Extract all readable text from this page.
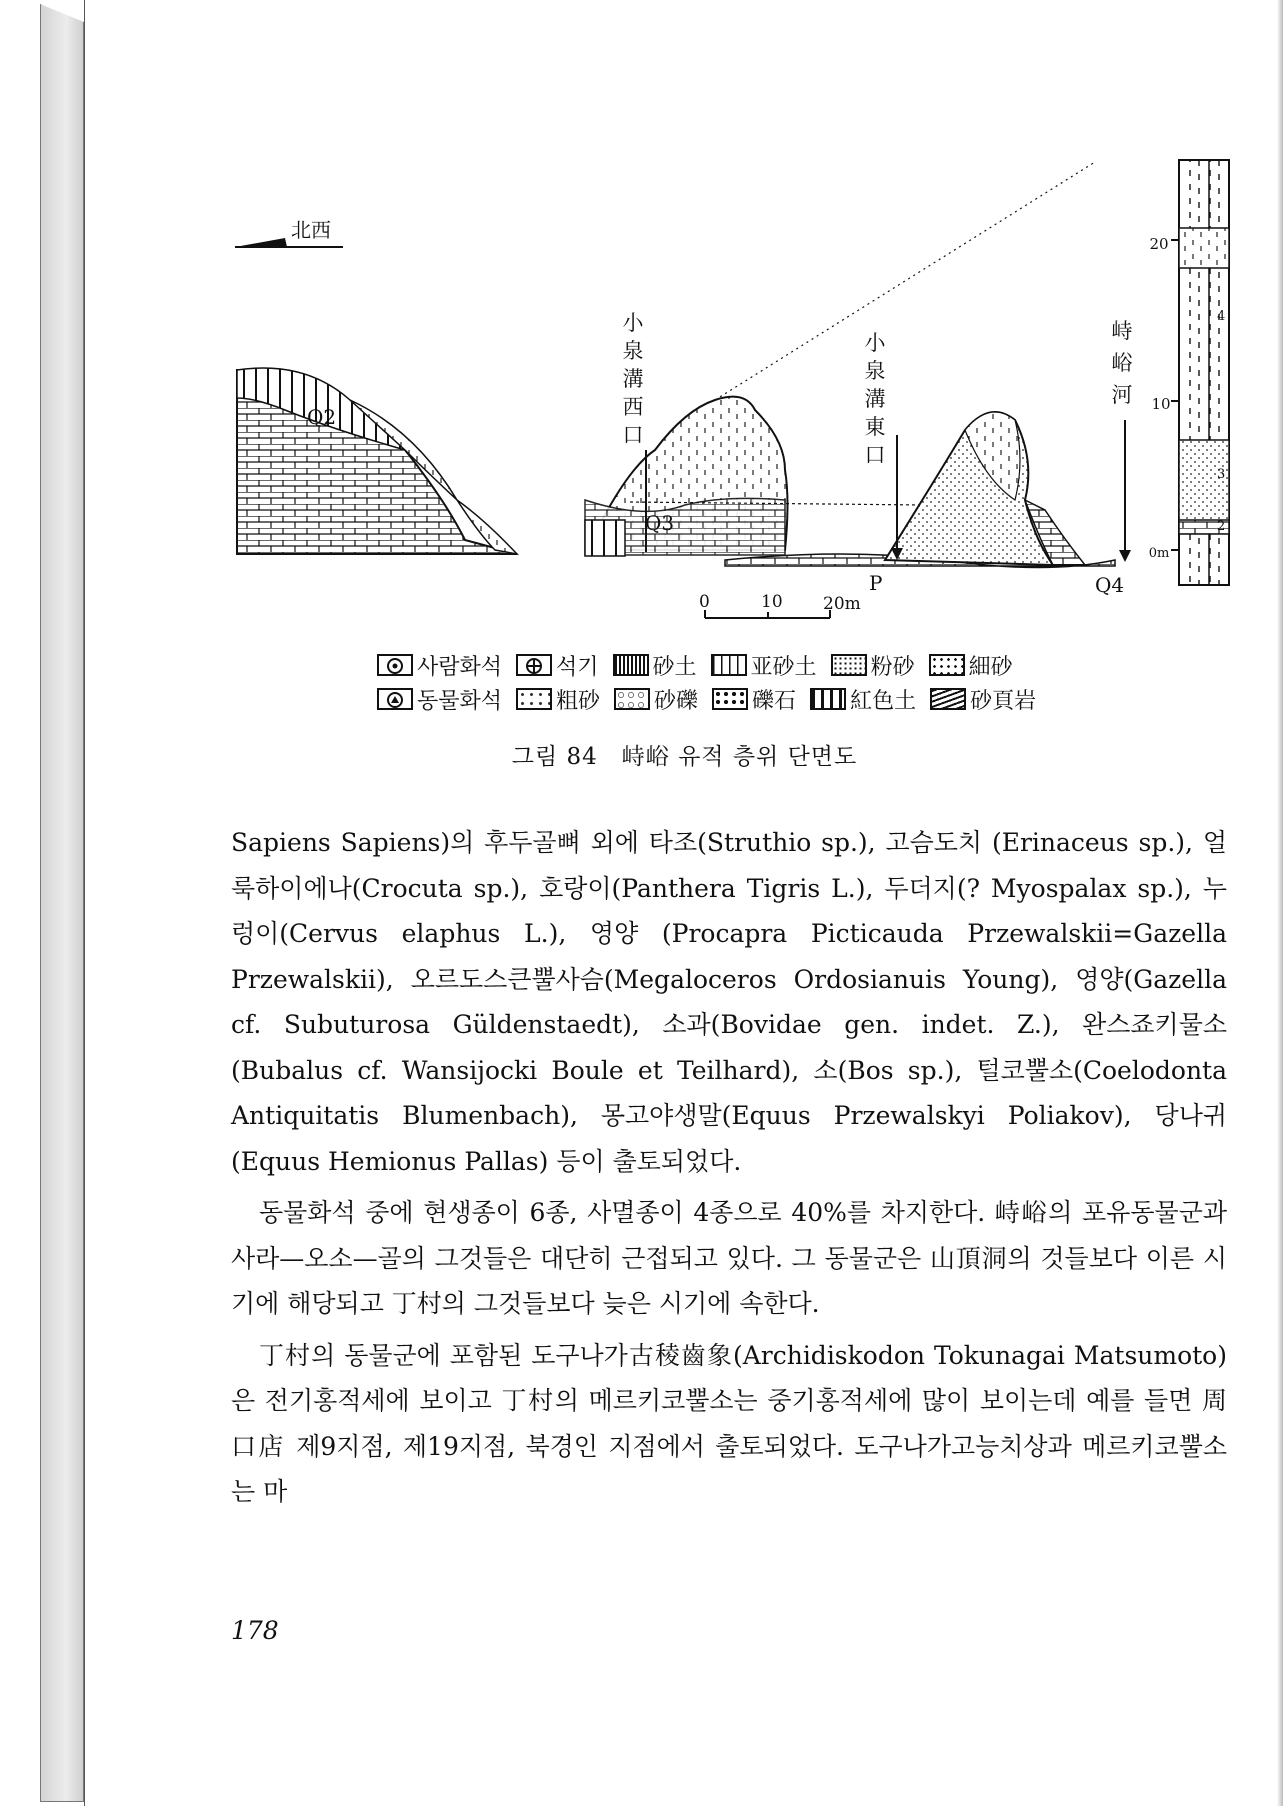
北西
Q2
Q3
P	Q4
小
泉
溝
西
口
小
泉
溝
東
口
峙
峪
河
0	10 20m
20
10
0m
4
3
2
사람화석 석기 砂土 亚砂土 粉砂 細砂
동물화석 粗砂 砂礫 礫石 紅色土 砂頁岩
그림 84　峙峪 유적 층위 단면도

Sapiens Sapiens)의 후두골뼈 외에 타조(Struthio sp.), 고슴도치 (Erinaceus sp.), 얼룩하이에나(Crocuta sp.), 호랑이(Panthera Tigris L.), 두더지(? Myospalax sp.), 누렁이(Cervus elaphus L.), 영양 (Procapra Picticauda Przewalskii=Gazella Przewalskii), 오르도스큰뿔사슴(Megaloceros Ordosianuis Young), 영양(Gazella cf. Subuturosa Güldenstaedt), 소과(Bovidae gen. indet. Z.), 완스죠키물소(Bubalus cf. Wansijocki Boule et Teilhard), 소(Bos sp.), 털코뿔소(Coelodonta Antiquitatis Blumenbach), 몽고야생말(Equus Przewalskyi Poliakov), 당나귀(Equus Hemionus Pallas) 등이 출토되었다.

동물화석 중에 현생종이 6종, 사멸종이 4종으로 40%를 차지한다. 峙峪의 포유동물군과 사라—오소—골의 그것들은 대단히 근접되고 있다. 그 동물군은 山頂洞의 것들보다 이른 시기에 해당되고 丁村의 그것들보다 늦은 시기에 속한다.

丁村의 동물군에 포함된 도구나가古稜齒象(Archidiskodon Tokunagai Matsumoto)은 전기홍적세에 보이고 丁村의 메르키코뿔소는 중기홍적세에 많이 보이는데 예를 들면 周口店 제9지점, 제19지점, 북경인 지점에서 출토되었다. 도구나가고능치상과 메르키코뿔소는 마

178
